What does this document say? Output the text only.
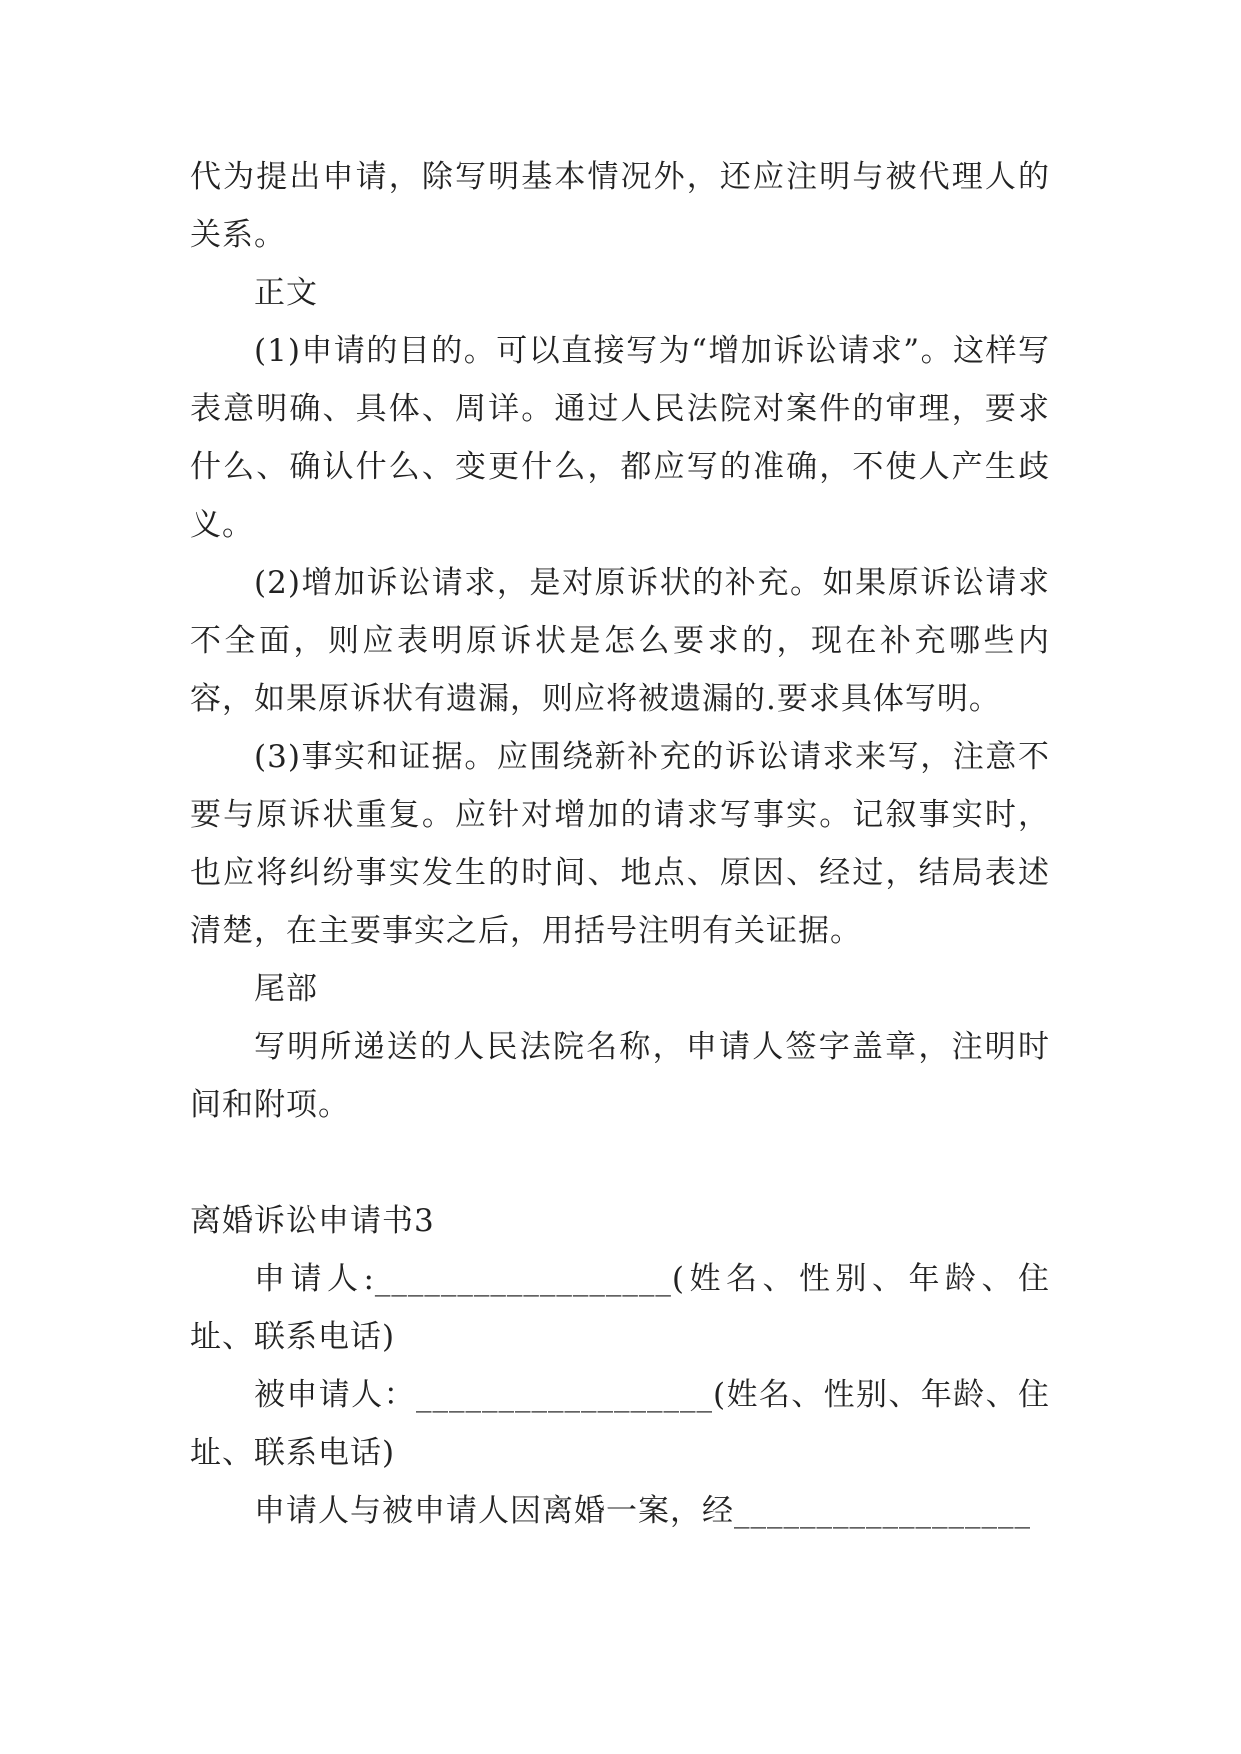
代为提出申请，除写明基本情况外，还应注明与被代理人的关系。

正文

(1)申请的目的。可以直接写为“增加诉讼请求”。这样写表意明确、具体、周详。通过人民法院对案件的审理，要求什么、确认什么、变更什么，都应写的准确，不使人产生歧义。

(2)增加诉讼请求，是对原诉状的补充。如果原诉讼请求不全面，则应表明原诉状是怎么要求的，现在补充哪些内容，如果原诉状有遗漏，则应将被遗漏的.要求具体写明。

(3)事实和证据。应围绕新补充的诉讼请求来写，注意不要与原诉状重复。应针对增加的请求写事实。记叙事实时，也应将纠纷事实发生的时间、地点、原因、经过，结局表述清楚，在主要事实之后，用括号注明有关证据。

尾部

写明所递送的人民法院名称，申请人签字盖章，注明时间和附项。

离婚诉讼申请书3

申请人:__________________(姓名、性别、年龄、住址、联系电话)

被申请人：__________________(姓名、性别、年龄、住址、联系电话)

申请人与被申请人因离婚一案，经__________________
